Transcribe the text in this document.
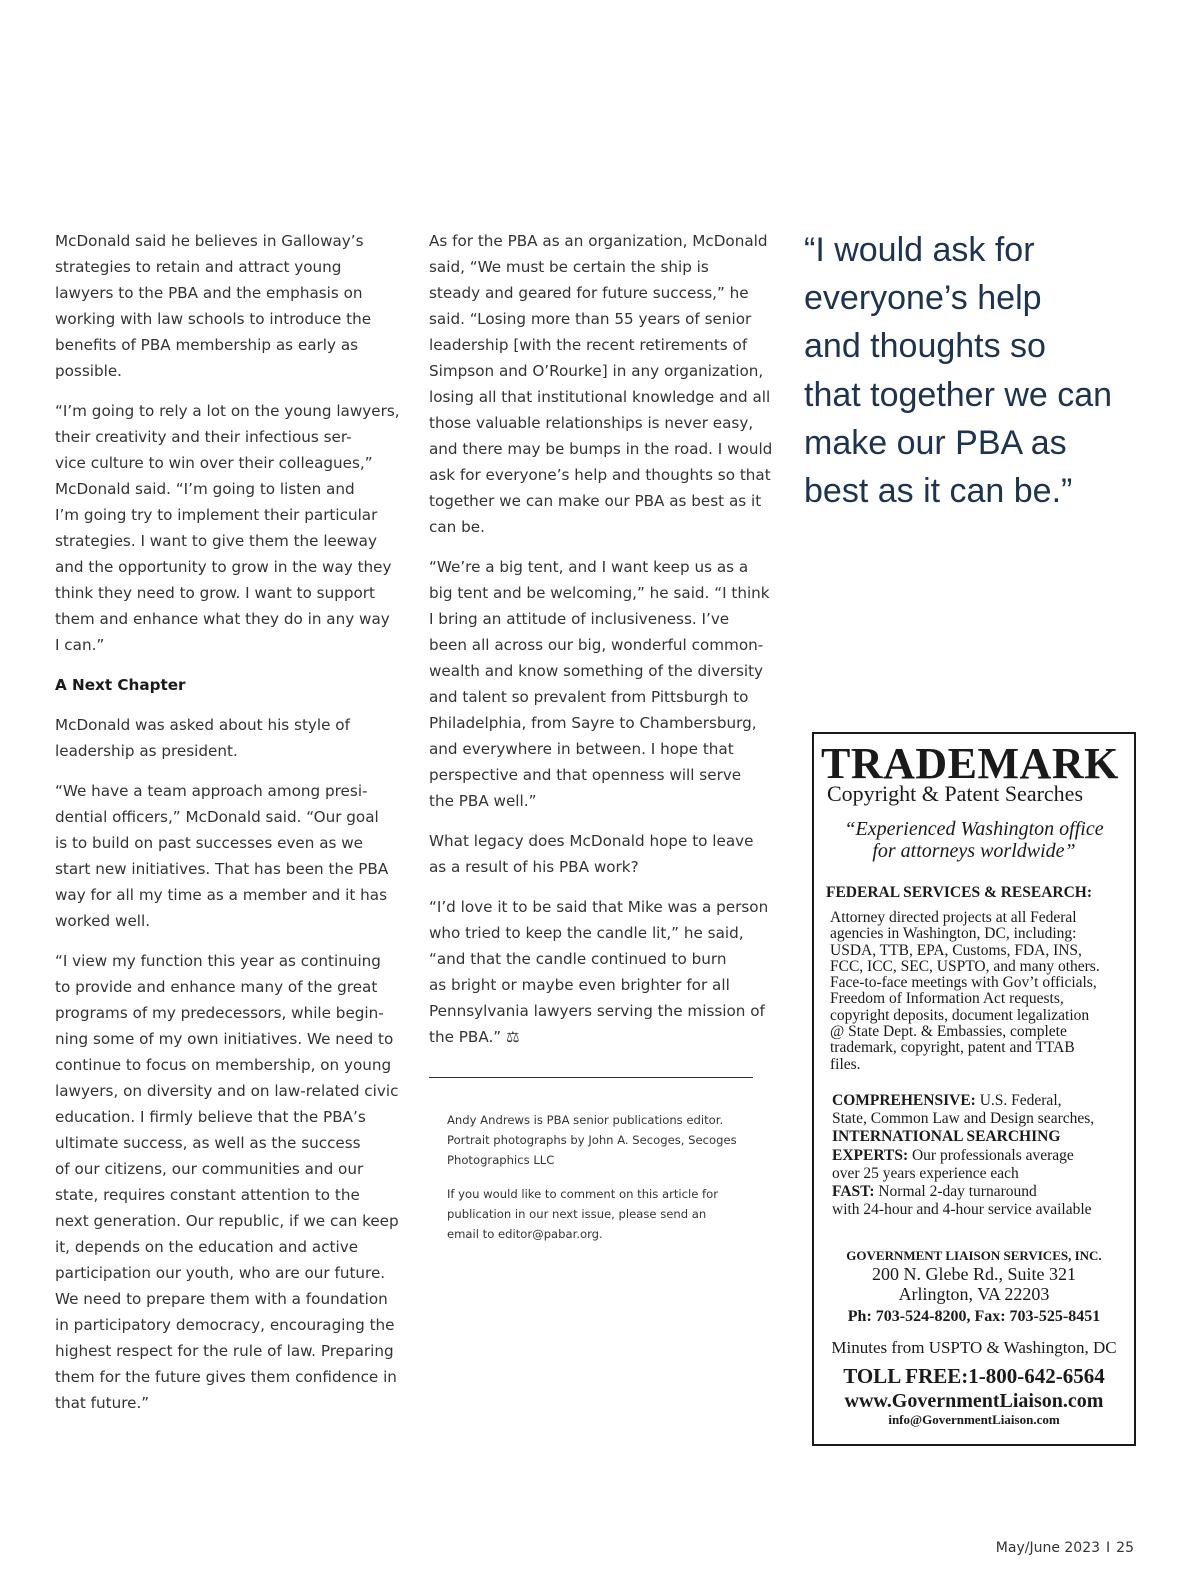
McDonald said he believes in Galloway’s
strategies to retain and attract young
lawyers to the PBA and the emphasis on
working with law schools to introduce the
benefits of PBA membership as early as
possible.

“I’m going to rely a lot on the young lawyers,
their creativity and their infectious ser-
vice culture to win over their colleagues,”
McDonald said. “I’m going to listen and
I’m going try to implement their particular
strategies. I want to give them the leeway
and the opportunity to grow in the way they
think they need to grow. I want to support
them and enhance what they do in any way
I can.”

A Next Chapter

McDonald was asked about his style of
leadership as president.

“We have a team approach among presi-
dential officers,” McDonald said. “Our goal
is to build on past successes even as we
start new initiatives. That has been the PBA
way for all my time as a member and it has
worked well.

“I view my function this year as continuing
to provide and enhance many of the great
programs of my predecessors, while begin-
ning some of my own initiatives. We need to
continue to focus on membership, on young
lawyers, on diversity and on law-related civic
education. I firmly believe that the PBA’s
ultimate success, as well as the success
of our citizens, our communities and our
state, requires constant attention to the
next generation. Our republic, if we can keep
it, depends on the education and active
participation our youth, who are our future.
We need to prepare them with a foundation
in participatory democracy, encouraging the
highest respect for the rule of law. Preparing
them for the future gives them confidence in
that future.”

As for the PBA as an organization, McDonald
said, “We must be certain the ship is
steady and geared for future success,” he
said. “Losing more than 55 years of senior
leadership [with the recent retirements of
Simpson and O’Rourke] in any organization,
losing all that institutional knowledge and all
those valuable relationships is never easy,
and there may be bumps in the road. I would
ask for everyone’s help and thoughts so that
together we can make our PBA as best as it
can be.

“We’re a big tent, and I want keep us as a
big tent and be welcoming,” he said. “I think
I bring an attitude of inclusiveness. I’ve
been all across our big, wonderful common-
wealth and know something of the diversity
and talent so prevalent from Pittsburgh to
Philadelphia, from Sayre to Chambersburg,
and everywhere in between. I hope that
perspective and that openness will serve
the PBA well.”

What legacy does McDonald hope to leave
as a result of his PBA work?

“I’d love it to be said that Mike was a person
who tried to keep the candle lit,” he said,
“and that the candle continued to burn
as bright or maybe even brighter for all
Pennsylvania lawyers serving the mission of
the PBA.” ⚖

Andy Andrews is PBA senior publications editor.
Portrait photographs by John A. Secoges, Secoges
Photographics LLC

If you would like to comment on this article for
publication in our next issue, please send an
email to editor@pabar.org.

“I would ask for
everyone’s help
and thoughts so
that together we can
make our PBA as
best as it can be.”
TRADEMARK
Copyright & Patent Searches
“Experienced Washington office
for attorneys worldwide”
FEDERAL SERVICES & RESEARCH:
Attorney directed projects at all Federal
agencies in Washington, DC, including:
USDA, TTB, EPA, Customs, FDA, INS,
FCC, ICC, SEC, USPTO, and many others.
Face-to-face meetings with Gov’t officials,
Freedom of Information Act requests,
copyright deposits, document legalization
@ State Dept. & Embassies, complete
trademark, copyright, patent and TTAB
files.
COMPREHENSIVE: U.S. Federal,
State, Common Law and Design searches,
INTERNATIONAL SEARCHING
EXPERTS: Our professionals average
over 25 years experience each
FAST: Normal 2-day turnaround
with 24-hour and 4-hour service available
GOVERNMENT LIAISON SERVICES, INC.
200 N. Glebe Rd., Suite 321
Arlington, VA 22203
Ph: 703-524-8200, Fax: 703-525-8451
Minutes from USPTO & Washington, DC
TOLL FREE:1-800-642-6564
www.GovernmentLiaison.com
info@GovernmentLiaison.com
May/June 2023 I 25
